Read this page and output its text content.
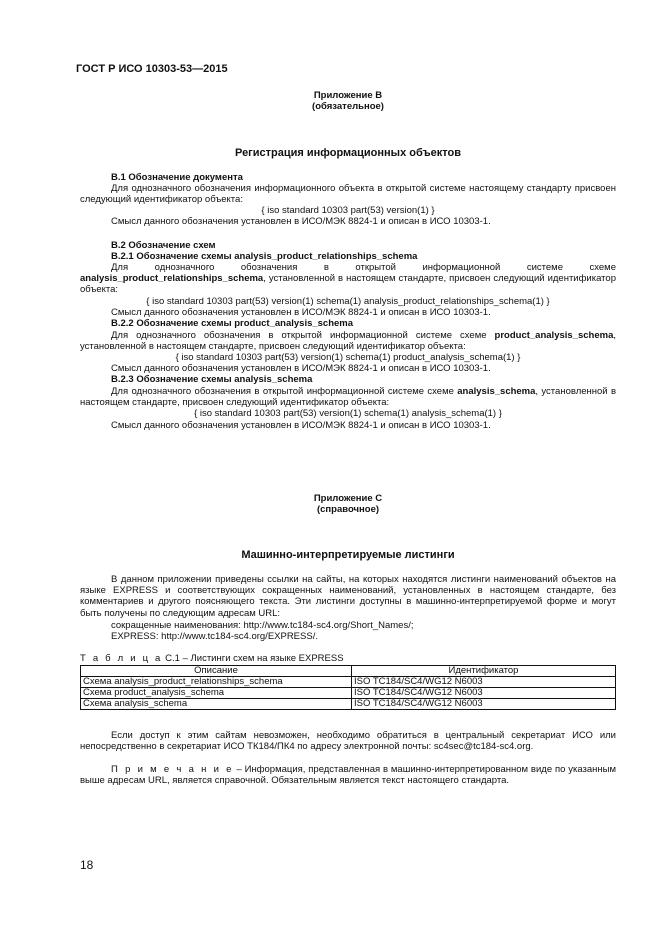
ГОСТ Р ИСО 10303-53—2015
Приложение B
(обязательное)
Регистрация информационных объектов
B.1 Обозначение документа
Для однозначного обозначения информационного объекта в открытой системе настоящему стандарту присвоен следующий идентификатор объекта:
{ iso standard 10303 part(53) version(1) }
Смысл данного обозначения установлен в ИСО/МЭК 8824-1 и описан в ИСО 10303-1.
B.2 Обозначение схем
B.2.1 Обозначение схемы analysis_product_relationships_schema
Для однозначного обозначения в открытой информационной системе схеме analysis_product_relationships_schema, установленной в настоящем стандарте, присвоен следующий идентификатор объекта:
{ iso standard 10303 part(53) version(1) schema(1) analysis_product_relationships_schema(1) }
Смысл данного обозначения установлен в ИСО/МЭК 8824-1 и описан в ИСО 10303-1.
B.2.2 Обозначение схемы product_analysis_schema
Для однозначного обозначения в открытой информационной системе схеме product_analysis_schema, установленной в настоящем стандарте, присвоен следующий идентификатор объекта:
{ iso standard 10303 part(53) version(1) schema(1) product_analysis_schema(1) }
Смысл данного обозначения установлен в ИСО/МЭК 8824-1 и описан в ИСО 10303-1.
B.2.3 Обозначение схемы analysis_schema
Для однозначного обозначения в открытой информационной системе схеме analysis_schema, установленной в настоящем стандарте, присвоен следующий идентификатор объекта:
{ iso standard 10303 part(53) version(1) schema(1) analysis_schema(1) }
Смысл данного обозначения установлен в ИСО/МЭК 8824-1 и описан в ИСО 10303-1.
Приложение C
(справочное)
Машинно-интерпретируемые листинги
В данном приложении приведены ссылки на сайты, на которых находятся листинги наименований объектов на языке EXPRESS и соответствующих сокращенных наименований, установленных в настоящем стандарте, без комментариев и другого поясняющего текста. Эти листинги доступны в машинно-интерпретируемой форме и могут быть получены по следующим адресам URL:
сокращенные наименования: http://www.tc184-sc4.org/Short_Names/;
EXPRESS: http://www.tc184-sc4.org/EXPRESS/.
Т а б л и ц а С.1 – Листинги схем на языке EXPRESS
Описание	Идентификатор
Схема analysis_product_relationships_schema	ISO TC184/SC4/WG12 N6003
Схема product_analysis_schema	ISO TC184/SC4/WG12 N6003
Схема analysis_schema	ISO TC184/SC4/WG12 N6003
Если доступ к этим сайтам невозможен, необходимо обратиться в центральный секретариат ИСО или непосредственно в секретариат ИСО ТК184/ПК4 по адресу электронной почты: sc4sec@tc184-sc4.org.
П р и м е ч а н и е – Информация, представленная в машинно-интерпретированном виде по указанным выше адресам URL, является справочной. Обязательным является текст настоящего стандарта.
18
